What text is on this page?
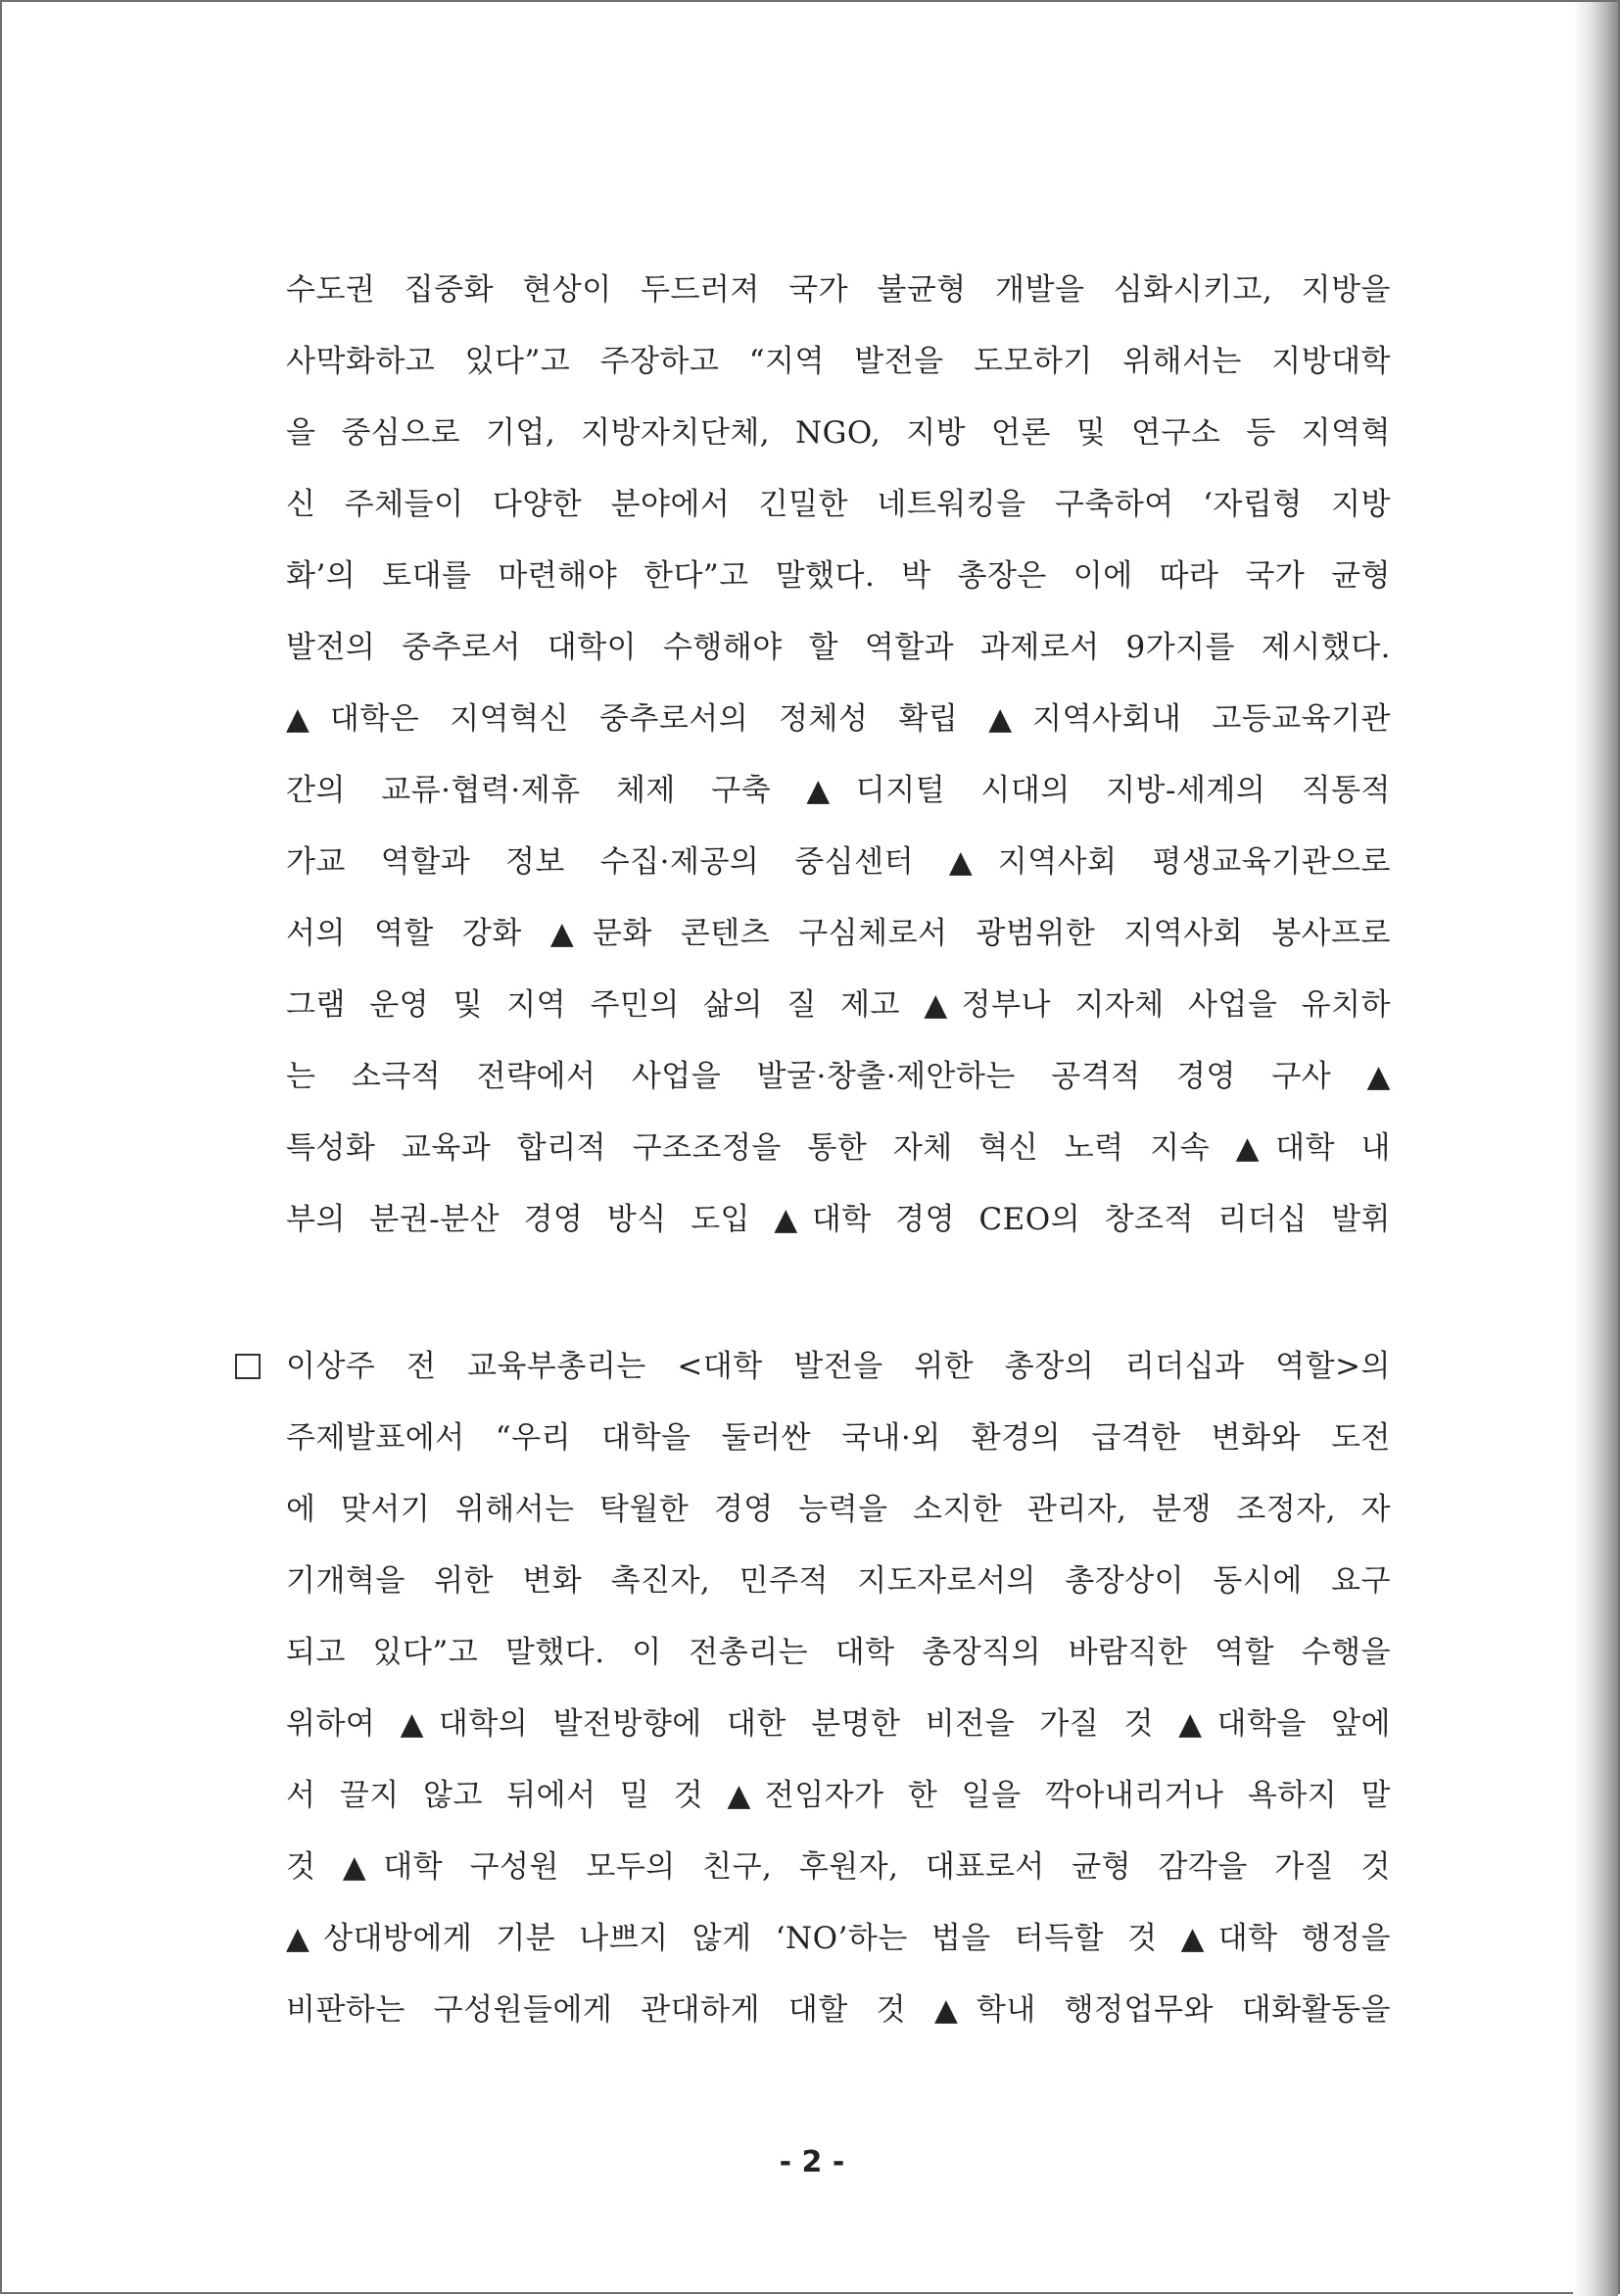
수도권 집중화 현상이 두드러져 국가 불균형 개발을 심화시키고, 지방을
사막화하고 있다”고 주장하고 “지역 발전을 도모하기 위해서는 지방대학
을 중심으로 기업, 지방자치단체, NGO, 지방 언론 및 연구소 등 지역혁
신 주체들이 다양한 분야에서 긴밀한 네트워킹을 구축하여 ‘자립형 지방
화’의 토대를 마련해야 한다”고 말했다. 박 총장은 이에 따라 국가 균형
발전의 중추로서 대학이 수행해야 할 역할과 과제로서 9가지를 제시했다.
▲대학은 지역혁신 중추로서의 정체성 확립 ▲지역사회내 고등교육기관
간의 교류·협력·제휴 체제 구축 ▲디지털 시대의 지방-세계의 직통적
가교 역할과 정보 수집·제공의 중심센터 ▲지역사회 평생교육기관으로
서의 역할 강화 ▲문화 콘텐츠 구심체로서 광범위한 지역사회 봉사프로
그램 운영 및 지역 주민의 삶의 질 제고 ▲정부나 지자체 사업을 유치하
는 소극적 전략에서 사업을 발굴·창출·제안하는 공격적 경영 구사 ▲
특성화 교육과 합리적 구조조정을 통한 자체 혁신 노력 지속 ▲대학 내
부의 분권-분산 경영 방식 도입 ▲대학 경영 CEO의 창조적 리더십 발휘
이상주 전 교육부총리는 <대학 발전을 위한 총장의 리더십과 역할>의
주제발표에서 “우리 대학을 둘러싼 국내·외 환경의 급격한 변화와 도전
에 맞서기 위해서는 탁월한 경영 능력을 소지한 관리자, 분쟁 조정자, 자
기개혁을 위한 변화 촉진자, 민주적 지도자로서의 총장상이 동시에 요구
되고 있다”고 말했다. 이 전총리는 대학 총장직의 바람직한 역할 수행을
위하여 ▲대학의 발전방향에 대한 분명한 비전을 가질 것 ▲대학을 앞에
서 끌지 않고 뒤에서 밀 것 ▲전임자가 한 일을 깍아내리거나 욕하지 말
것 ▲대학 구성원 모두의 친구, 후원자, 대표로서 균형 감각을 가질 것
▲상대방에게 기분 나쁘지 않게 ‘NO’하는 법을 터득할 것 ▲대학 행정을
비판하는 구성원들에게 관대하게 대할 것 ▲학내 행정업무와 대화활동을
- 2 -
